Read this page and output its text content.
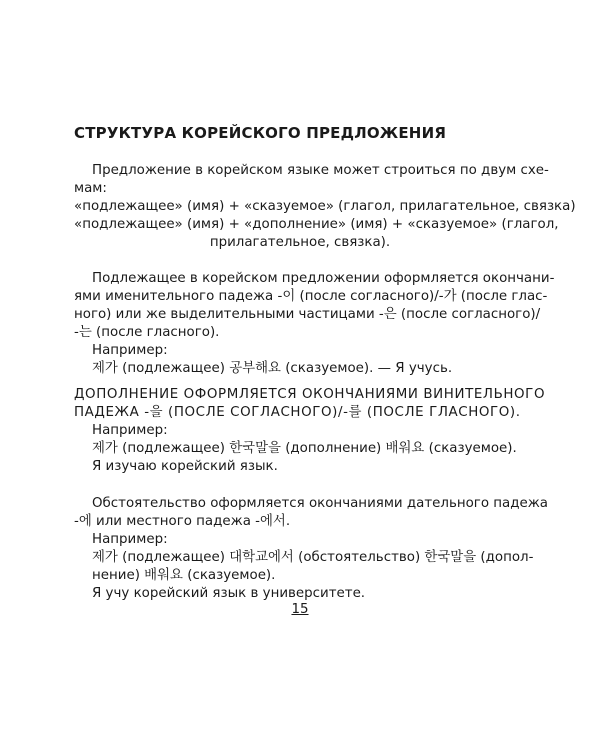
СТРУКТУРА КОРЕЙСКОГО ПРЕДЛОЖЕНИЯ
Предложение в корейском языке может строиться по двум схе-
мам:
«подлежащее» (имя) + «сказуемое» (глагол, прилагательное, связка)
«подлежащее» (имя) + «дополнение» (имя) + «сказуемое» (глагол,
прилагательное, связка).
Подлежащее в корейском предложении оформляется окончани-
ями именительного падежа -이 (после согласного)/-가 (после глас-
ного) или же выделительными частицами -은 (после согласного)/
-는 (после гласного).
Например:
제가 (подлежащее) 공부해요 (сказуемое). — Я учусь.
ДОПОЛНЕНИЕ ОФОРМЛЯЕТСЯ ОКОНЧАНИЯМИ ВИНИТЕЛЬНОГО
ПАДЕЖА -을 (ПОСЛЕ СОГЛАСНОГО)/-를 (ПОСЛЕ ГЛАСНОГО).
Например:
제가 (подлежащее) 한국말을 (дополнение) 배워요 (сказуемое).
Я изучаю корейский язык.
Обстоятельство оформляется окончаниями дательного падежа
-에 или местного падежа -에서.
Например:
제가 (подлежащее) 대학교에서 (обстоятельство) 한국말을 (допол-
нение) 배워요 (сказуемое).
Я учу корейский язык в университете.
15
